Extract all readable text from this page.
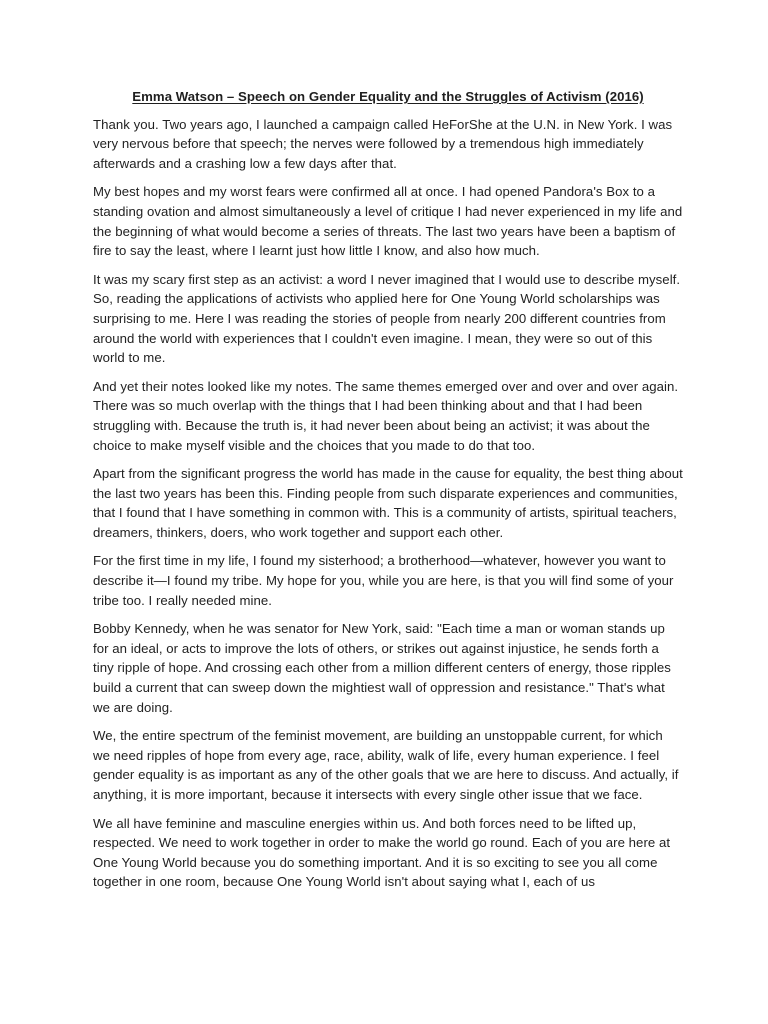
Emma Watson – Speech on Gender Equality and the Struggles of Activism (2016)

Thank you. Two years ago, I launched a campaign called HeForShe at the U.N. in New York. I was very nervous before that speech; the nerves were followed by a tremendous high immediately afterwards and a crashing low a few days after that.

My best hopes and my worst fears were confirmed all at once. I had opened Pandora's Box to a standing ovation and almost simultaneously a level of critique I had never experienced in my life and the beginning of what would become a series of threats. The last two years have been a baptism of fire to say the least, where I learnt just how little I know, and also how much.

It was my scary first step as an activist: a word I never imagined that I would use to describe myself. So, reading the applications of activists who applied here for One Young World scholarships was surprising to me. Here I was reading the stories of people from nearly 200 different countries from around the world with experiences that I couldn't even imagine. I mean, they were so out of this world to me.

And yet their notes looked like my notes. The same themes emerged over and over and over again. There was so much overlap with the things that I had been thinking about and that I had been struggling with. Because the truth is, it had never been about being an activist; it was about the choice to make myself visible and the choices that you made to do that too.

Apart from the significant progress the world has made in the cause for equality, the best thing about the last two years has been this. Finding people from such disparate experiences and communities, that I found that I have something in common with. This is a community of artists, spiritual teachers, dreamers, thinkers, doers, who work together and support each other.

For the first time in my life, I found my sisterhood; a brotherhood—whatever, however you want to describe it—I found my tribe. My hope for you, while you are here, is that you will find some of your tribe too. I really needed mine.

Bobby Kennedy, when he was senator for New York, said: "Each time a man or woman stands up for an ideal, or acts to improve the lots of others, or strikes out against injustice, he sends forth a tiny ripple of hope. And crossing each other from a million different centers of energy, those ripples build a current that can sweep down the mightiest wall of oppression and resistance." That's what we are doing.

We, the entire spectrum of the feminist movement, are building an unstoppable current, for which we need ripples of hope from every age, race, ability, walk of life, every human experience. I feel gender equality is as important as any of the other goals that we are here to discuss. And actually, if anything, it is more important, because it intersects with every single other issue that we face.

We all have feminine and masculine energies within us. And both forces need to be lifted up, respected. We need to work together in order to make the world go round. Each of you are here at One Young World because you do something important. And it is so exciting to see you all come together in one room, because One Young World isn't about saying what I, each of us
